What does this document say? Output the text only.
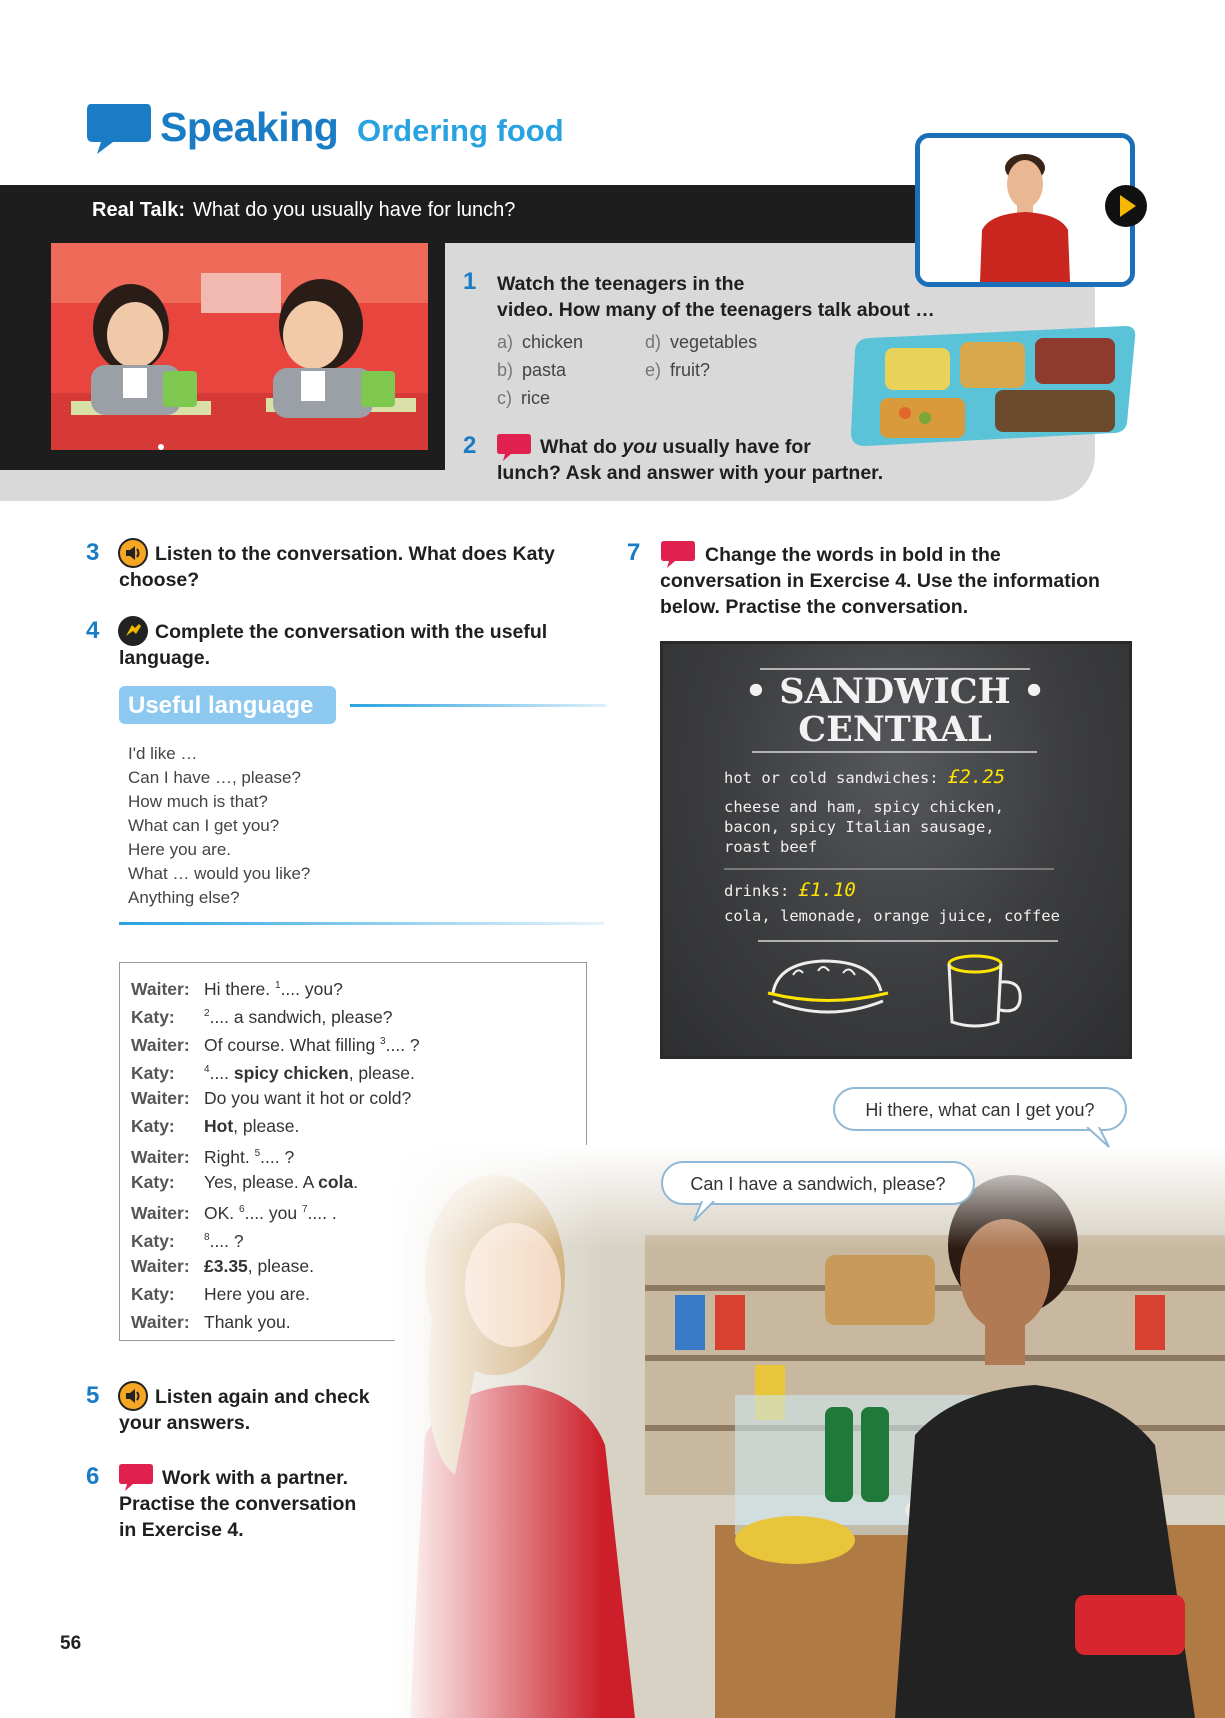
Speaking Ordering food
Real Talk: What do you usually have for lunch?
1 Watch the teenagers in the
video. How many of the teenagers talk about …
a) chicken
b) pasta
c) rice
d) vegetables
e) fruit?
2	What do you usually have for
lunch? Ask and answer with your partner.
3	Listen to the conversation. What does Katy
choose?
4	Complete the conversation with the useful
language.
Useful language
I'd like …
Can I have …, please?
How much is that?
What can I get you?
Here you are.
What … would you like?
Anything else?
Waiter: Hi there. $^1$.... you?
Katy:	$^2$.... a sandwich, please?
Waiter: Of course. What filling $^3$.... ?
Katy:	$^4$.... spicy chicken, please.
Waiter: Do you want it hot or cold?
Katy: Hot, please.
Waiter: Right. $^5$.... ?
Katy: Yes, please. A cola.
Waiter: OK. $^6$.... you $^7$.... .
Katy:	$^8$.... ?
Waiter: £3.35, please.
Katy: Here you are.
Waiter: Thank you.
7	Change the words in bold in the
conversation in Exercise 4. Use the information
below. Practise the conversation.
• SANDWICH •
CENTRAL
hot or cold sandwiches: £2.25
cheese and ham, spicy chicken,
bacon, spicy Italian sausage,
roast beef
drinks: £1.10
cola, lemonade, orange juice, coffee
Hi there, what can I get you?
Can I have a sandwich, please?
5	Listen again and check
your answers.
6	Work with a partner.
Practise the conversation
in Exercise 4.
56
